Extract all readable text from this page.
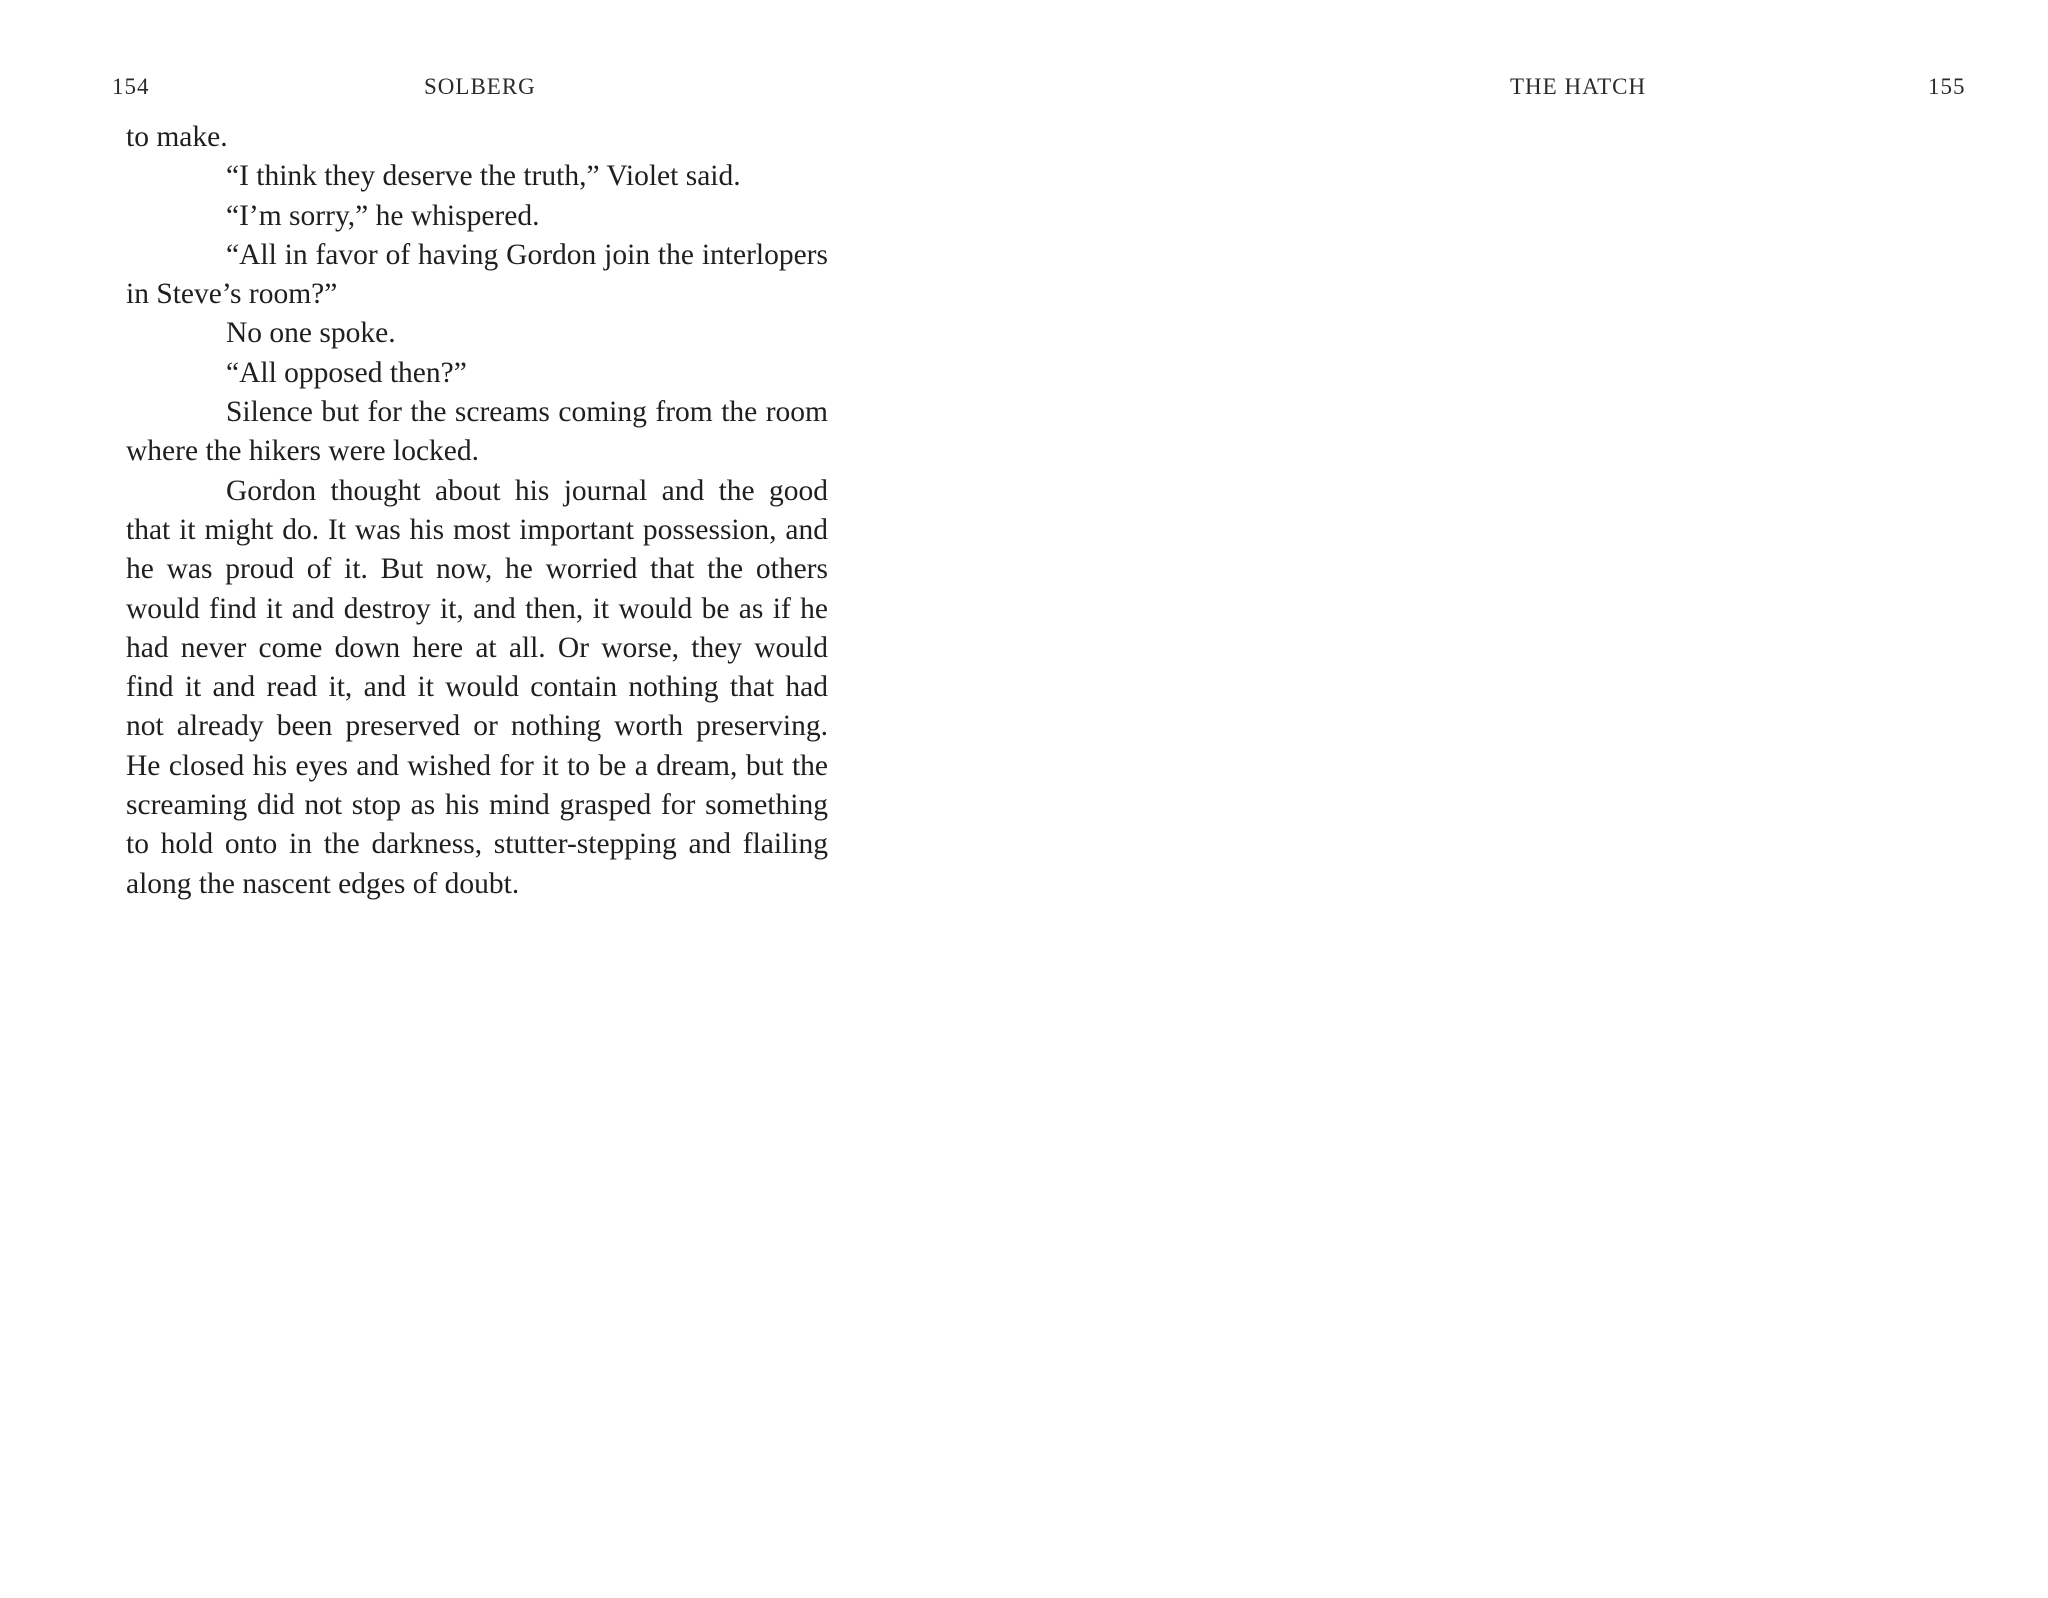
154	SOLBERG

to make.

“I think they deserve the truth,” Violet said.

“I’m sorry,” he whispered.

“All in favor of having Gordon join the interlopers in Steve’s room?”

No one spoke.

“All opposed then?”

Silence but for the screams coming from the room where the hikers were locked.

Gordon thought about his journal and the good that it might do. It was his most important possession, and he was proud of it. But now, he worried that the others would find it and destroy it, and then, it would be as if he had never come down here at all. Or worse, they would find it and read it, and it would contain nothing that had not already been preserved or nothing worth preserving. He closed his eyes and wished for it to be a dream, but the screaming did not stop as his mind grasped for something to hold onto in the darkness, stutter-stepping and flailing along the nascent edges of doubt.

THE HATCH	155
